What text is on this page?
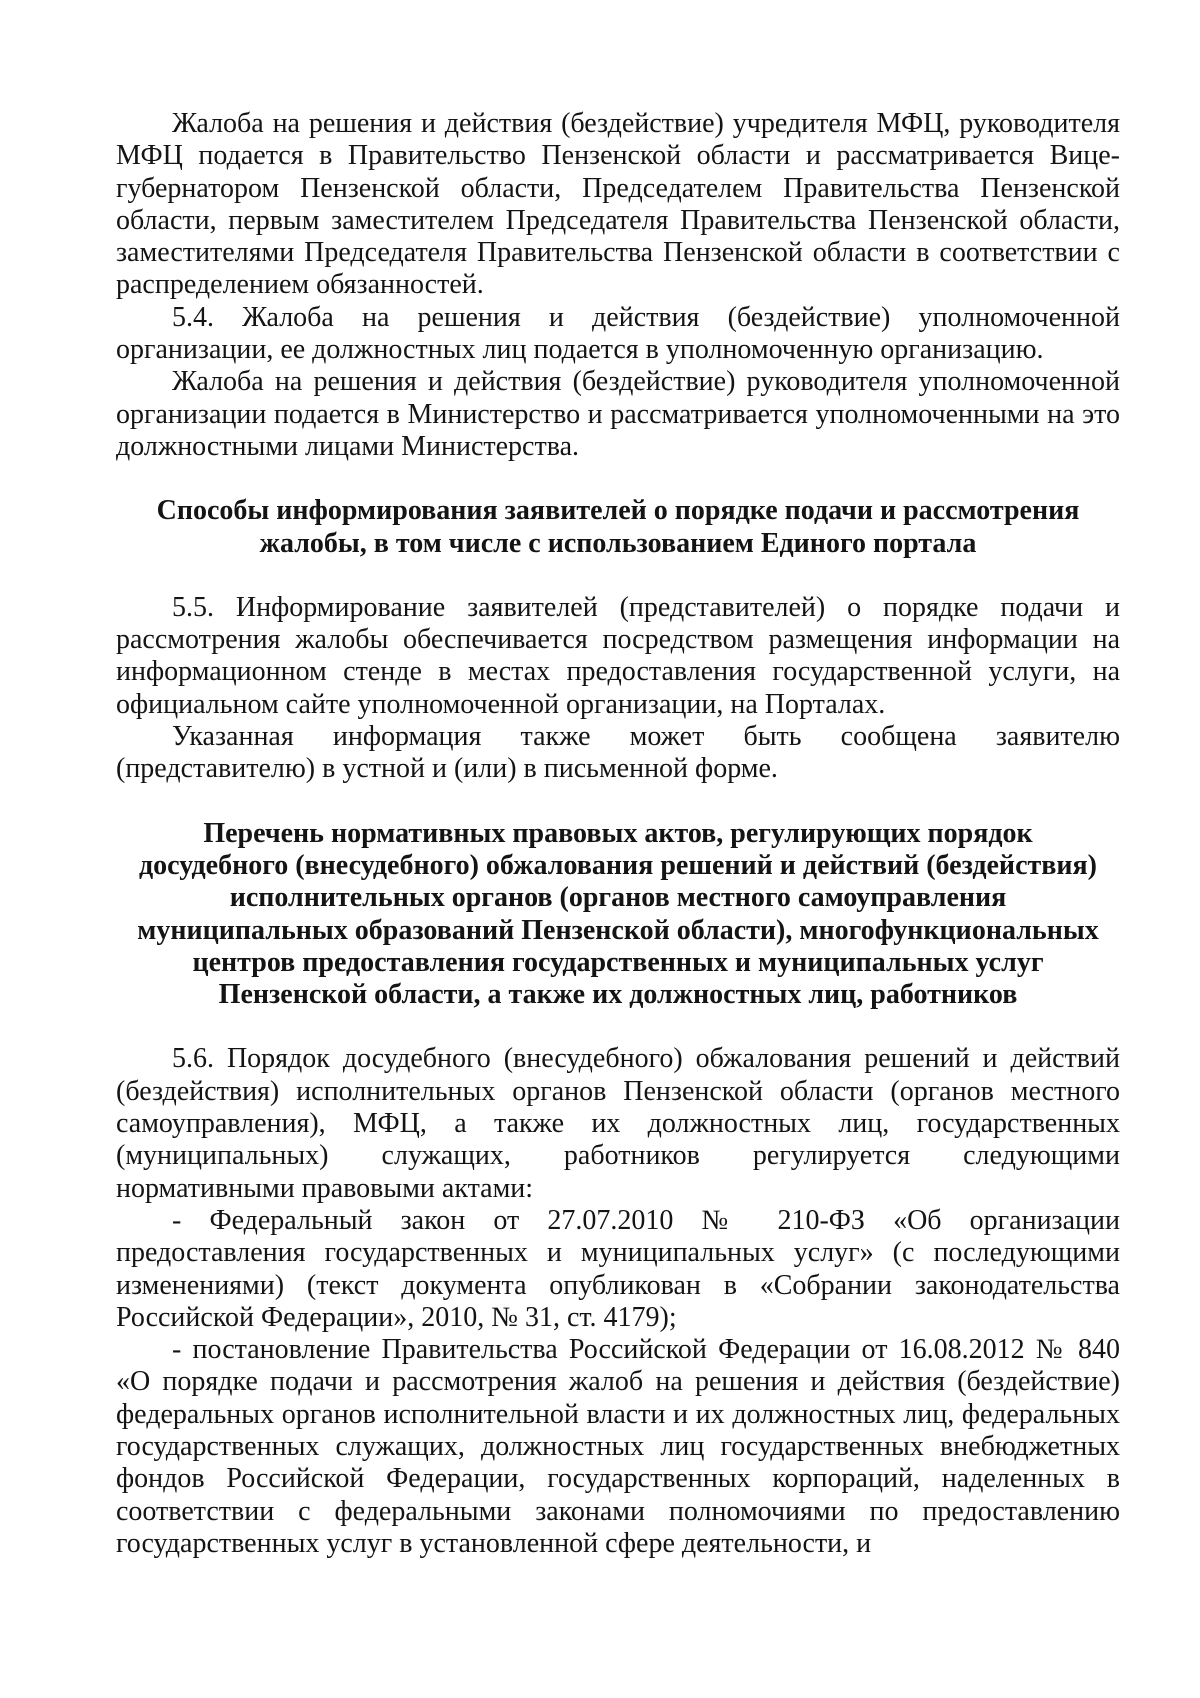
Жалоба на решения и действия (бездействие) учредителя МФЦ, руководителя МФЦ подается в Правительство Пензенской области и рассматривается Вице-губернатором Пензенской области, Председателем Правительства Пензенской области, первым заместителем Председателя Правительства Пензенской области, заместителями Председателя Правительства Пензенской области в соответствии с распределением обязанностей.

5.4. Жалоба на решения и действия (бездействие) уполномоченной организации, ее должностных лиц подается в уполномоченную организацию.

Жалоба на решения и действия (бездействие) руководителя уполномоченной организации подается в Министерство и рассматривается уполномоченными на это должностными лицами Министерства.

Способы информирования заявителей о порядке подачи и рассмотрения

жалобы, в том числе с использованием Единого портала

5.5. Информирование заявителей (представителей) о порядке подачи и рассмотрения жалобы обеспечивается посредством размещения информации на информационном стенде в местах предоставления государственной услуги, на официальном сайте уполномоченной организации, на Порталах.

Указанная информация также может быть сообщена заявителю (представителю) в устной и (или) в письменной форме.

Перечень нормативных правовых актов, регулирующих порядок

досудебного (внесудебного) обжалования решений и действий (бездействия)

исполнительных органов (органов местного самоуправления

муниципальных образований Пензенской области), многофункциональных

центров предоставления государственных и муниципальных услуг

Пензенской области, а также их должностных лиц, работников

5.6. Порядок досудебного (внесудебного) обжалования решений и действий (бездействия) исполнительных органов Пензенской области (органов местного самоуправления), МФЦ, а также их должностных лиц, государственных (муниципальных) служащих, работников регулируется следующими нормативными правовыми актами:

- Федеральный закон от 27.07.2010 № 210-ФЗ «Об организации предоставления государственных и муниципальных услуг» (с последующими изменениями) (текст документа опубликован в «Собрании законодательства Российской Федерации», 2010, № 31, ст. 4179);

- постановление Правительства Российской Федерации от 16.08.2012 № 840 «О порядке подачи и рассмотрения жалоб на решения и действия (бездействие) федеральных органов исполнительной власти и их должностных лиц, федеральных государственных служащих, должностных лиц государственных внебюджетных фондов Российской Федерации, государственных корпораций, наделенных в соответствии с федеральными законами полномочиями по предоставлению государственных услуг в установленной сфере деятельности, и
